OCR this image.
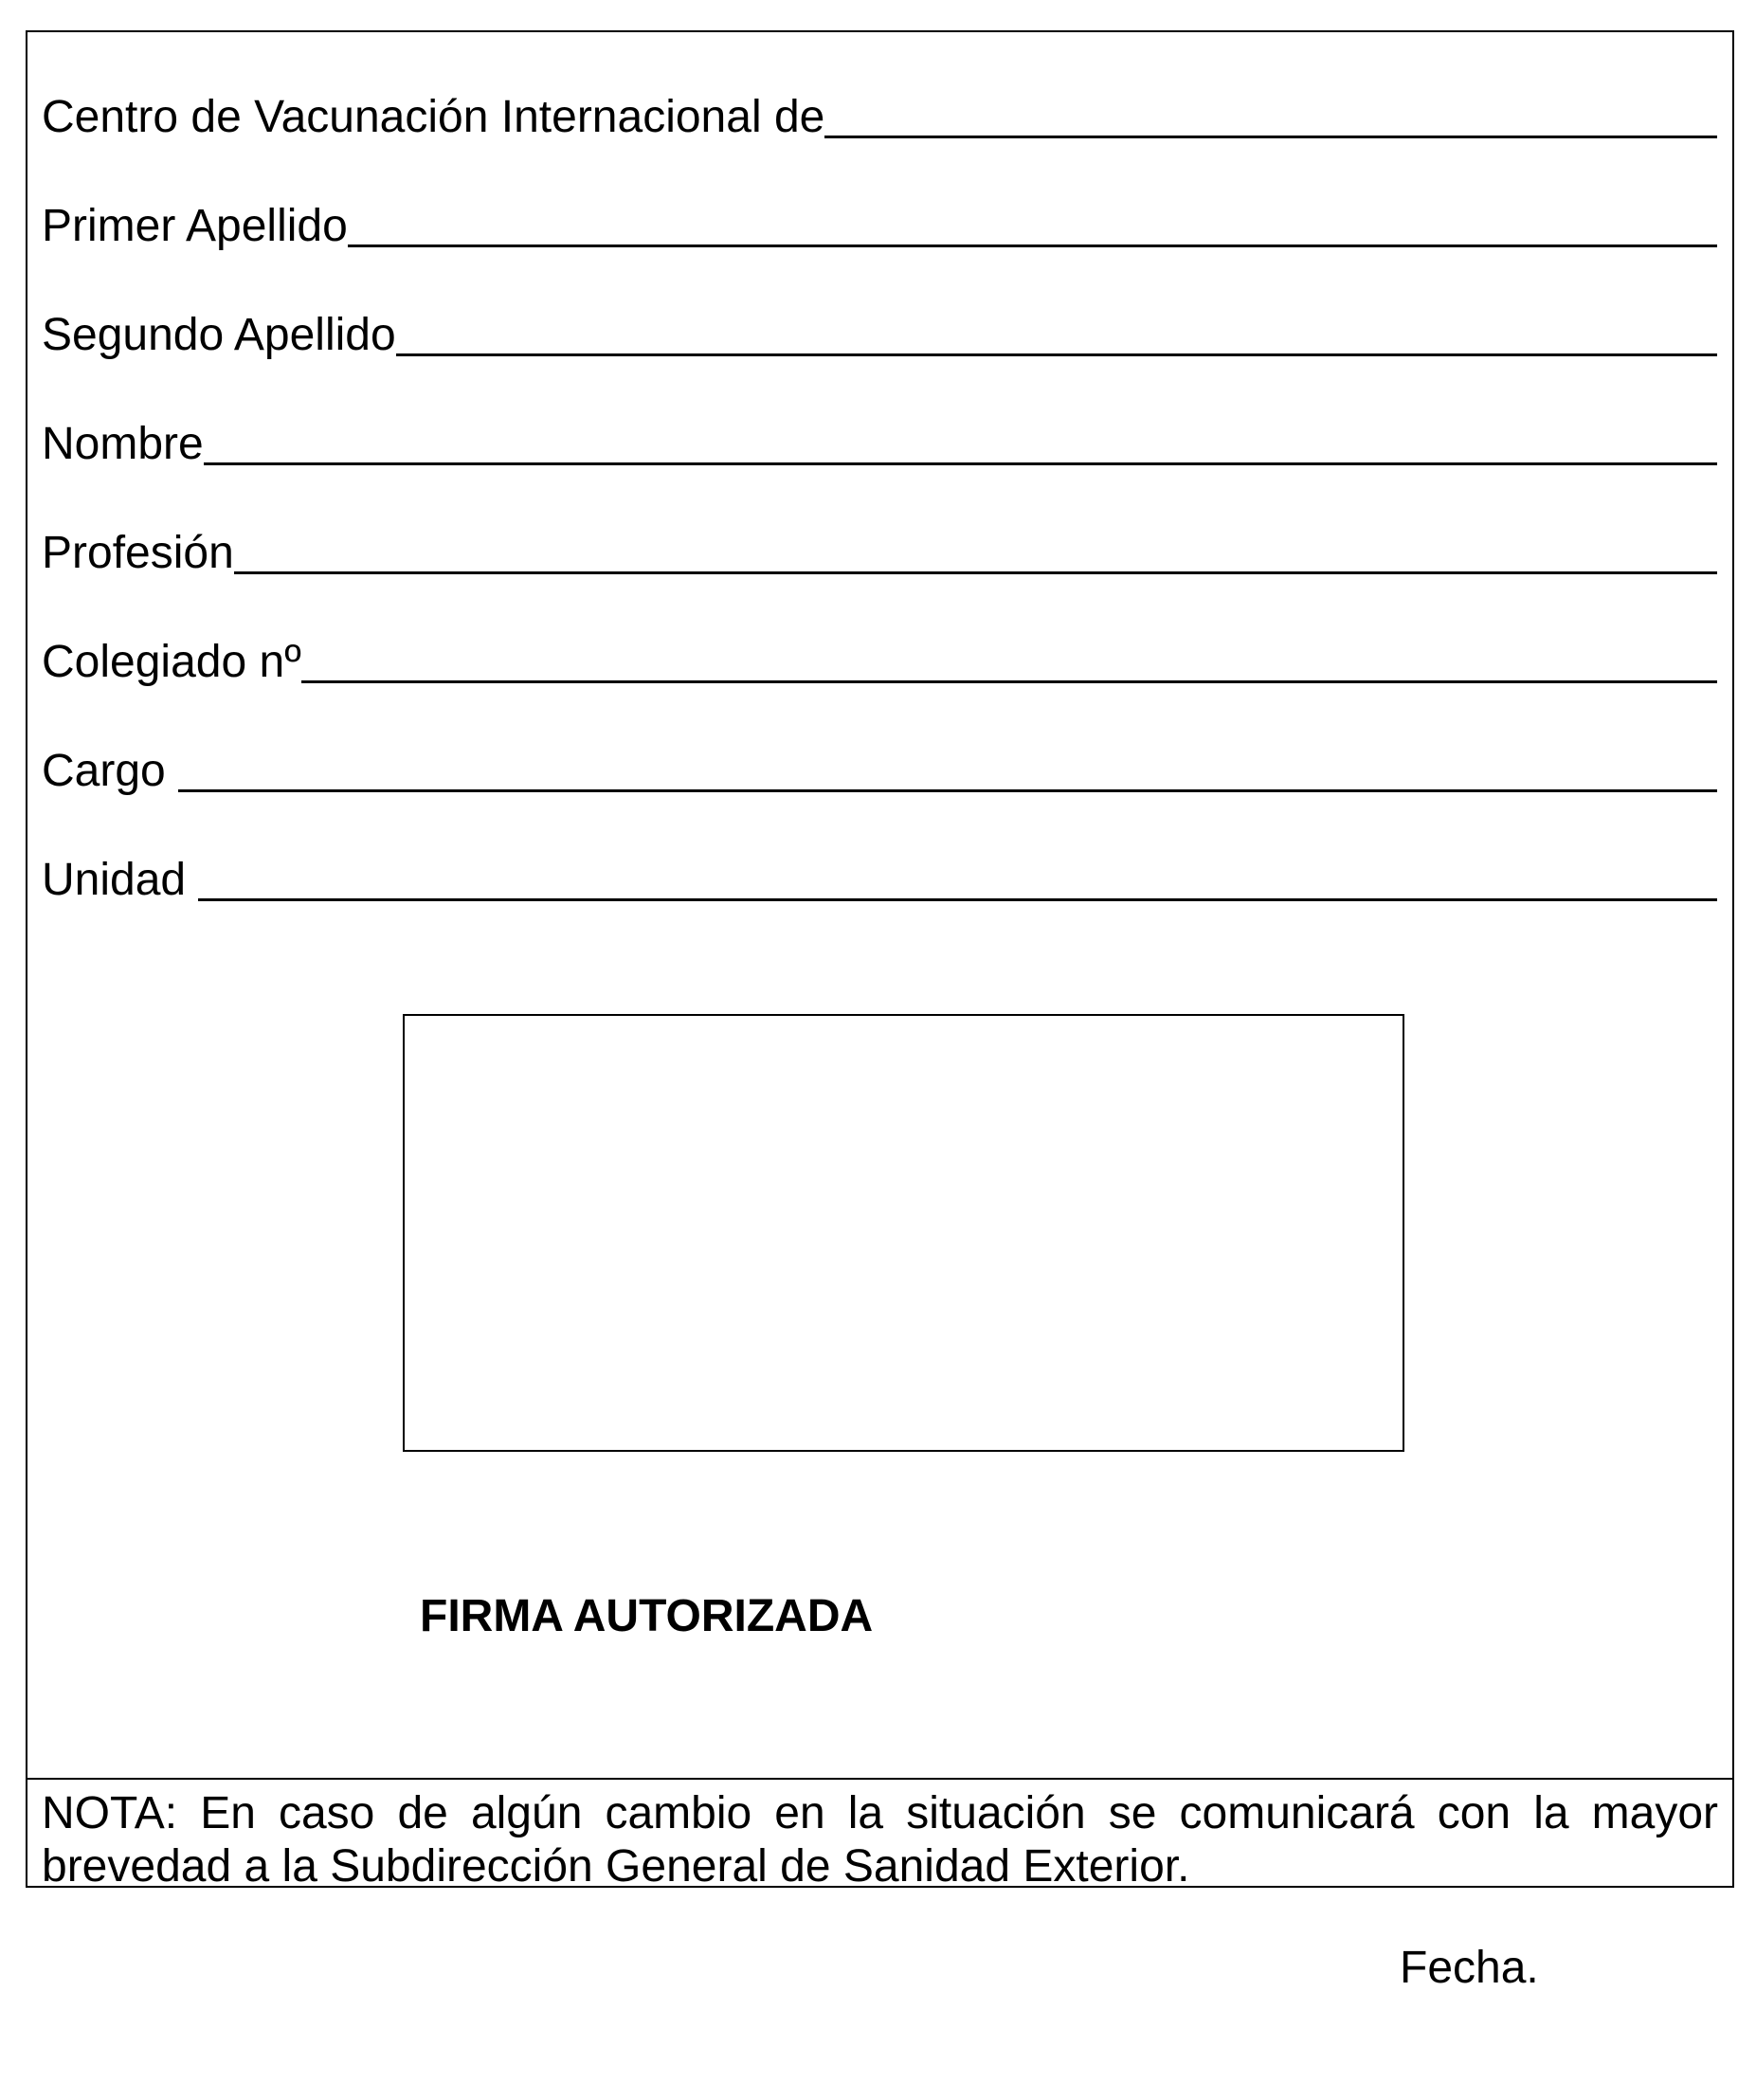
Centro de Vacunación Internacional de
Primer Apellido
Segundo Apellido
Nombre
Profesión
Colegiado nº
Cargo
Unidad
FIRMA AUTORIZADA
NOTA: En caso de algún cambio en la situación se comunicará con la mayor brevedad a la Subdirección General de Sanidad Exterior.
Fecha.
